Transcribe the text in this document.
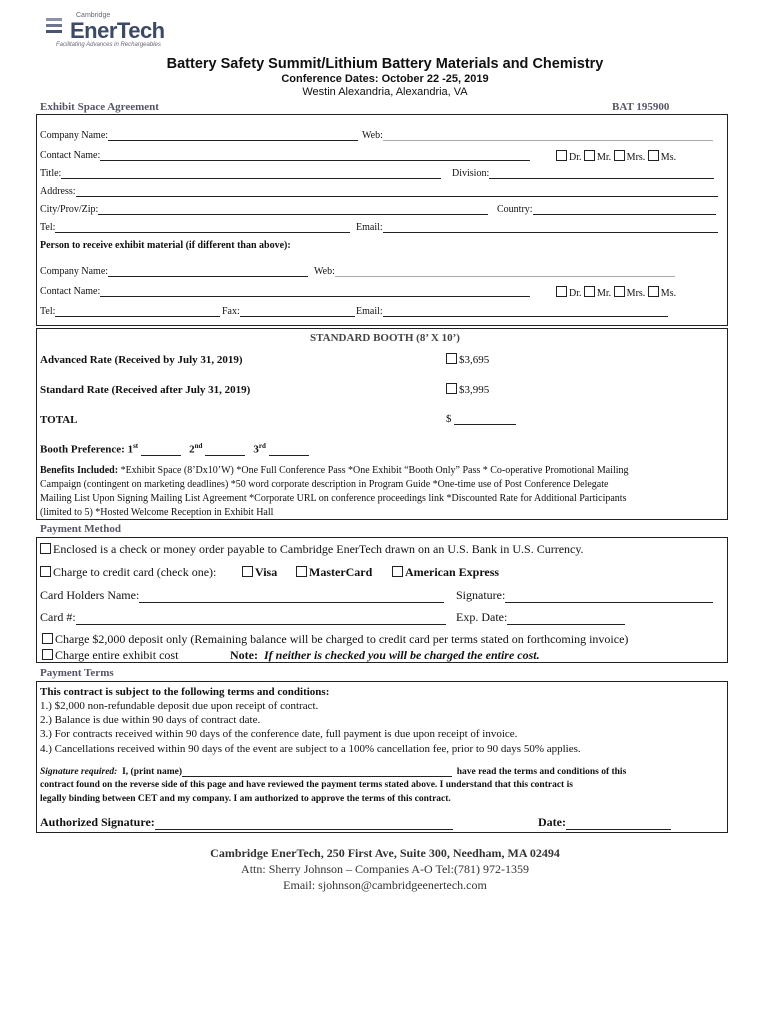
Cambridge
EnerTech
Facilitating Advances in Rechargeables
Battery Safety Summit/Lithium Battery Materials and Chemistry
Conference Dates: October 22 -25, 2019
Westin Alexandria, Alexandria, VA
Exhibit Space Agreement	BAT 195900
Company Name:	Web:
Contact Name:	Dr. Mr. Mrs. Ms.
Title:	Division:
Address:
City/Prov/Zip:	Country:
Tel:	Email:
Person to receive exhibit material (if different than above):
Company Name:	Web:
Contact Name:	Dr. Mr. Mrs. Ms.
Tel:	Fax:	Email:
STANDARD BOOTH (8’ X 10’)
Advanced Rate (Received by July 31, 2019)	$3,695
Standard Rate (Received after July 31, 2019)	$3,995
TOTAL	$
Booth Preference: 1st	2nd	3rd
Benefits Included: *Exhibit Space (8’Dx10’W) *One Full Conference Pass *One Exhibit “Booth Only” Pass * Co-operative Promotional Mailing
Campaign (contingent on marketing deadlines) *50 word corporate description in Program Guide *One-time use of Post Conference Delegate
Mailing List Upon Signing Mailing List Agreement *Corporate URL on conference proceedings link *Discounted Rate for Additional Participants
(limited to 5) *Hosted Welcome Reception in Exhibit Hall
Payment Method
Enclosed is a check or money order payable to Cambridge EnerTech drawn on an U.S. Bank in U.S. Currency.
Charge to credit card (check one):	Visa	MasterCard	American Express
Card Holders Name:	Signature:
Card #:	Exp. Date:
Charge $2,000 deposit only (Remaining balance will be charged to credit card per terms stated on forthcoming invoice)
Charge entire exhibit cost	Note: If neither is checked you will be charged the entire cost.
Payment Terms
This contract is subject to the following terms and conditions:
1.) $2,000 non-refundable deposit due upon receipt of contract.
2.) Balance is due within 90 days of contract date.
3.) For contracts received within 90 days of the conference date, full payment is due upon receipt of invoice.
4.) Cancellations received within 90 days of the event are subject to a 100% cancellation fee, prior to 90 days 50% applies.
Signature required: I, (print name)	have read the terms and conditions of this
contract found on the reverse side of this page and have reviewed the payment terms stated above. I understand that this contract is
legally binding between CET and my company. I am authorized to approve the terms of this contract.
Authorized Signature:	Date:
Cambridge EnerTech, 250 First Ave, Suite 300, Needham, MA 02494
Attn: Sherry Johnson – Companies A-O Tel:(781) 972-1359
Email: sjohnson@cambridgeenertech.com
